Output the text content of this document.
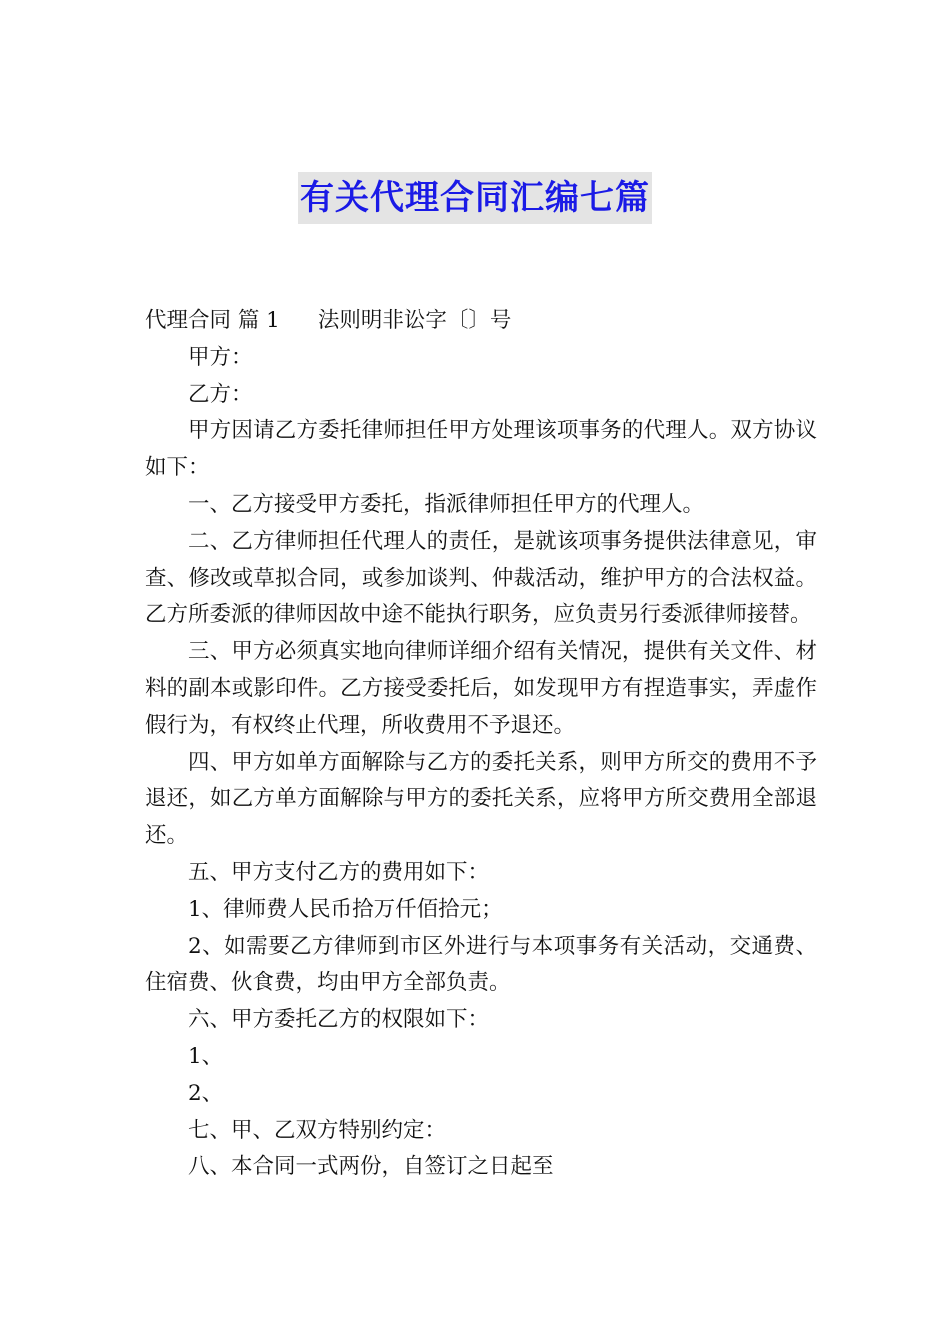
有关代理合同汇编七篇

代理合同 篇 1 法则明非讼字〔〕号

甲方：

乙方：

甲方因请乙方委托律师担任甲方处理该项事务的代理人。双方协议如下：

一、乙方接受甲方委托，指派律师担任甲方的代理人。

二、乙方律师担任代理人的责任，是就该项事务提供法律意见，审查、修改或草拟合同，或参加谈判、仲裁活动，维护甲方的合法权益。乙方所委派的律师因故中途不能执行职务，应负责另行委派律师接替。

三、甲方必须真实地向律师详细介绍有关情况，提供有关文件、材料的副本或影印件。乙方接受委托后，如发现甲方有捏造事实，弄虚作假行为，有权终止代理，所收费用不予退还。

四、甲方如单方面解除与乙方的委托关系，则甲方所交的费用不予退还，如乙方单方面解除与甲方的委托关系，应将甲方所交费用全部退还。

五、甲方支付乙方的费用如下：

1、律师费人民币拾万仟佰拾元；

2、如需要乙方律师到市区外进行与本项事务有关活动，交通费、住宿费、伙食费，均由甲方全部负责。

六、甲方委托乙方的权限如下：

1、

2、

七、甲、乙双方特别约定：

八、本合同一式两份，自签订之日起至
